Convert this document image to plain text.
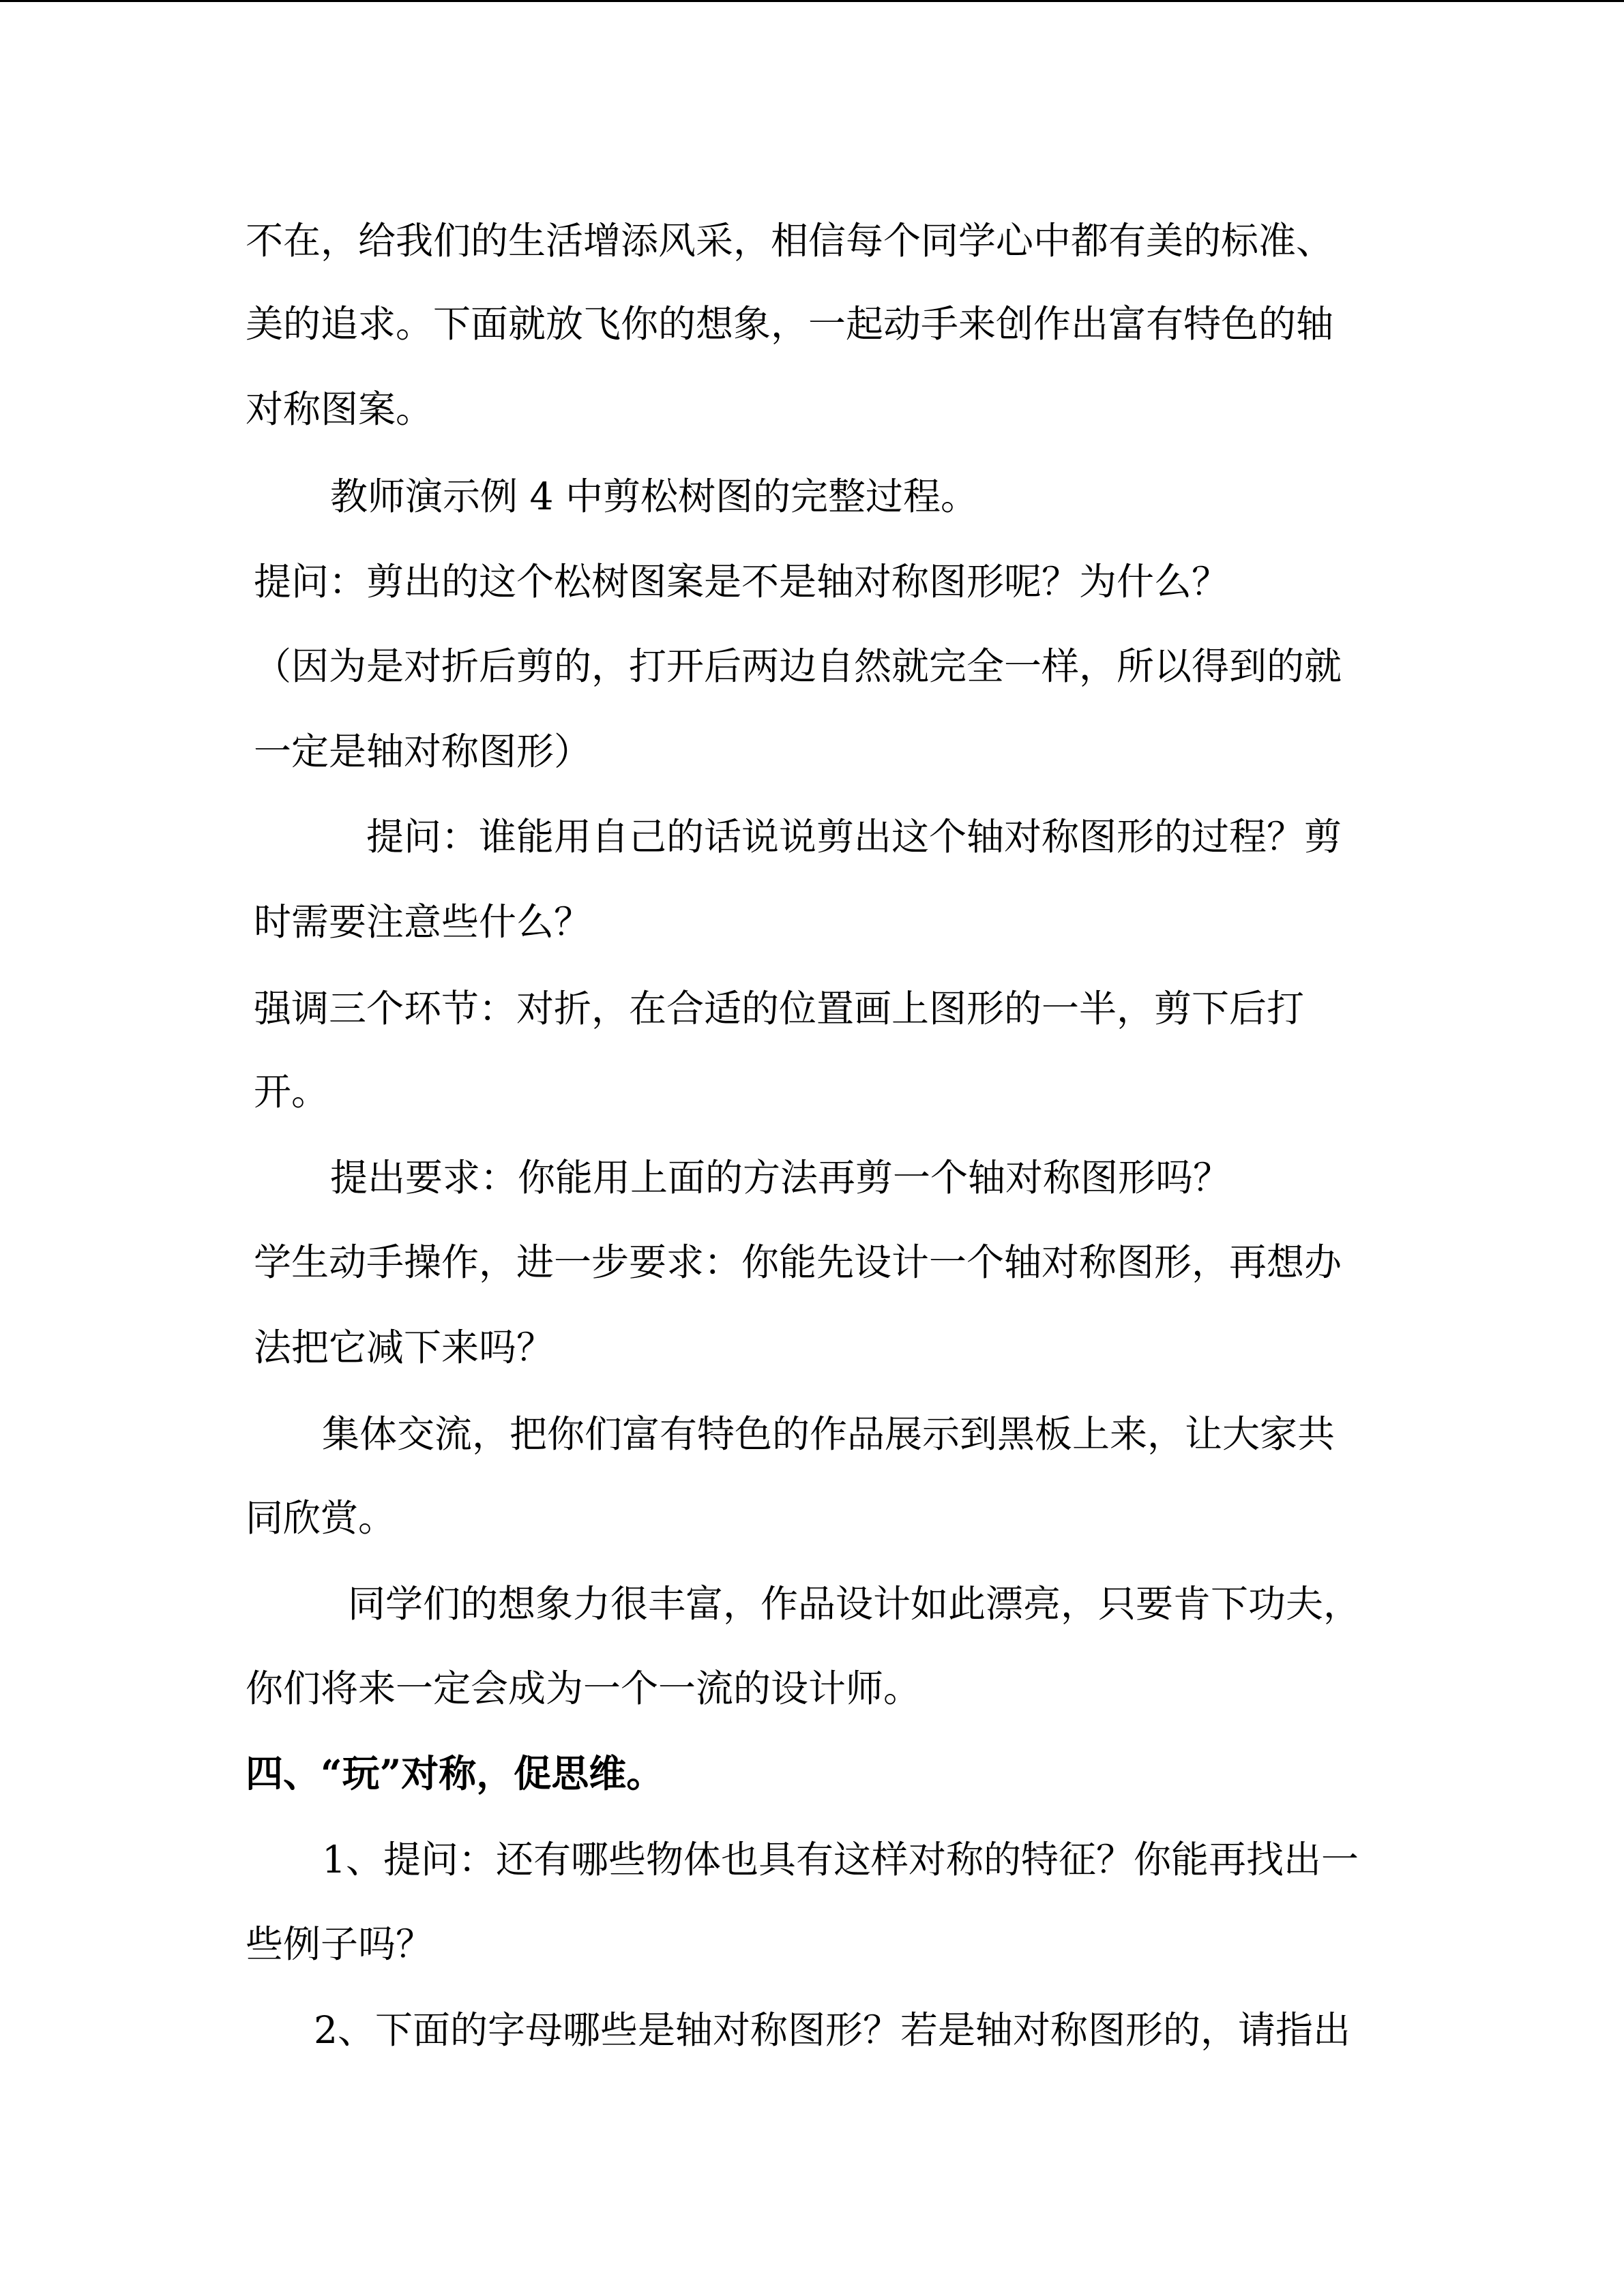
不在，给我们的生活增添风采，相信每个同学心中都有美的标准、
美的追求。下面就放飞你的想象，一起动手来创作出富有特色的轴
对称图案。
教师演示例 4 中剪松树图的完整过程。
提问：剪出的这个松树图案是不是轴对称图形呢？为什么？
（因为是对折后剪的，打开后两边自然就完全一样，所以得到的就
一定是轴对称图形）
提问：谁能用自己的话说说剪出这个轴对称图形的过程？剪
时需要注意些什么？
强调三个环节：对折，在合适的位置画上图形的一半，剪下后打
开。
提出要求：你能用上面的方法再剪一个轴对称图形吗？
学生动手操作，进一步要求：你能先设计一个轴对称图形，再想办
法把它减下来吗？
集体交流，把你们富有特色的作品展示到黑板上来，让大家共
同欣赏。
同学们的想象力很丰富，作品设计如此漂亮，只要肯下功夫，
你们将来一定会成为一个一流的设计师。
四、“玩”对称，促思维。
1、提问：还有哪些物体也具有这样对称的特征？你能再找出一
些例子吗？
2、下面的字母哪些是轴对称图形？若是轴对称图形的，请指出
